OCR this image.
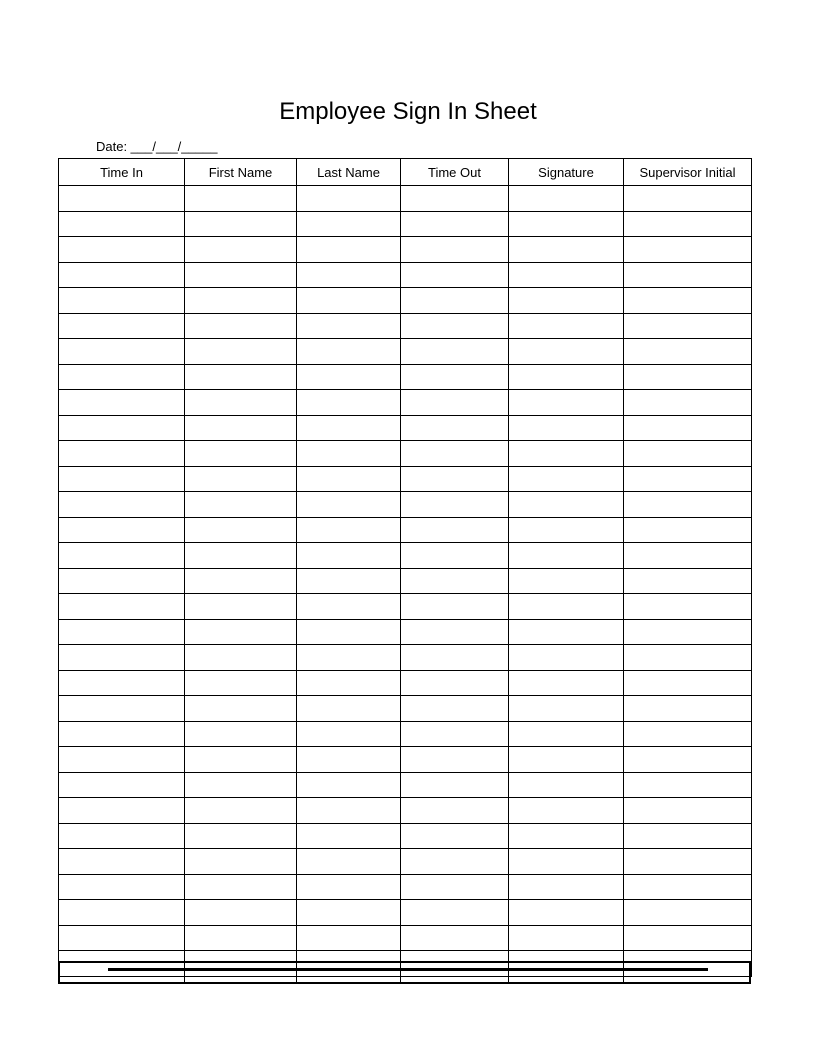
Employee Sign In Sheet
Date: ___/___/_____
Time In	First Name	Last Name	Time Out	Signature	Supervisor Initial
